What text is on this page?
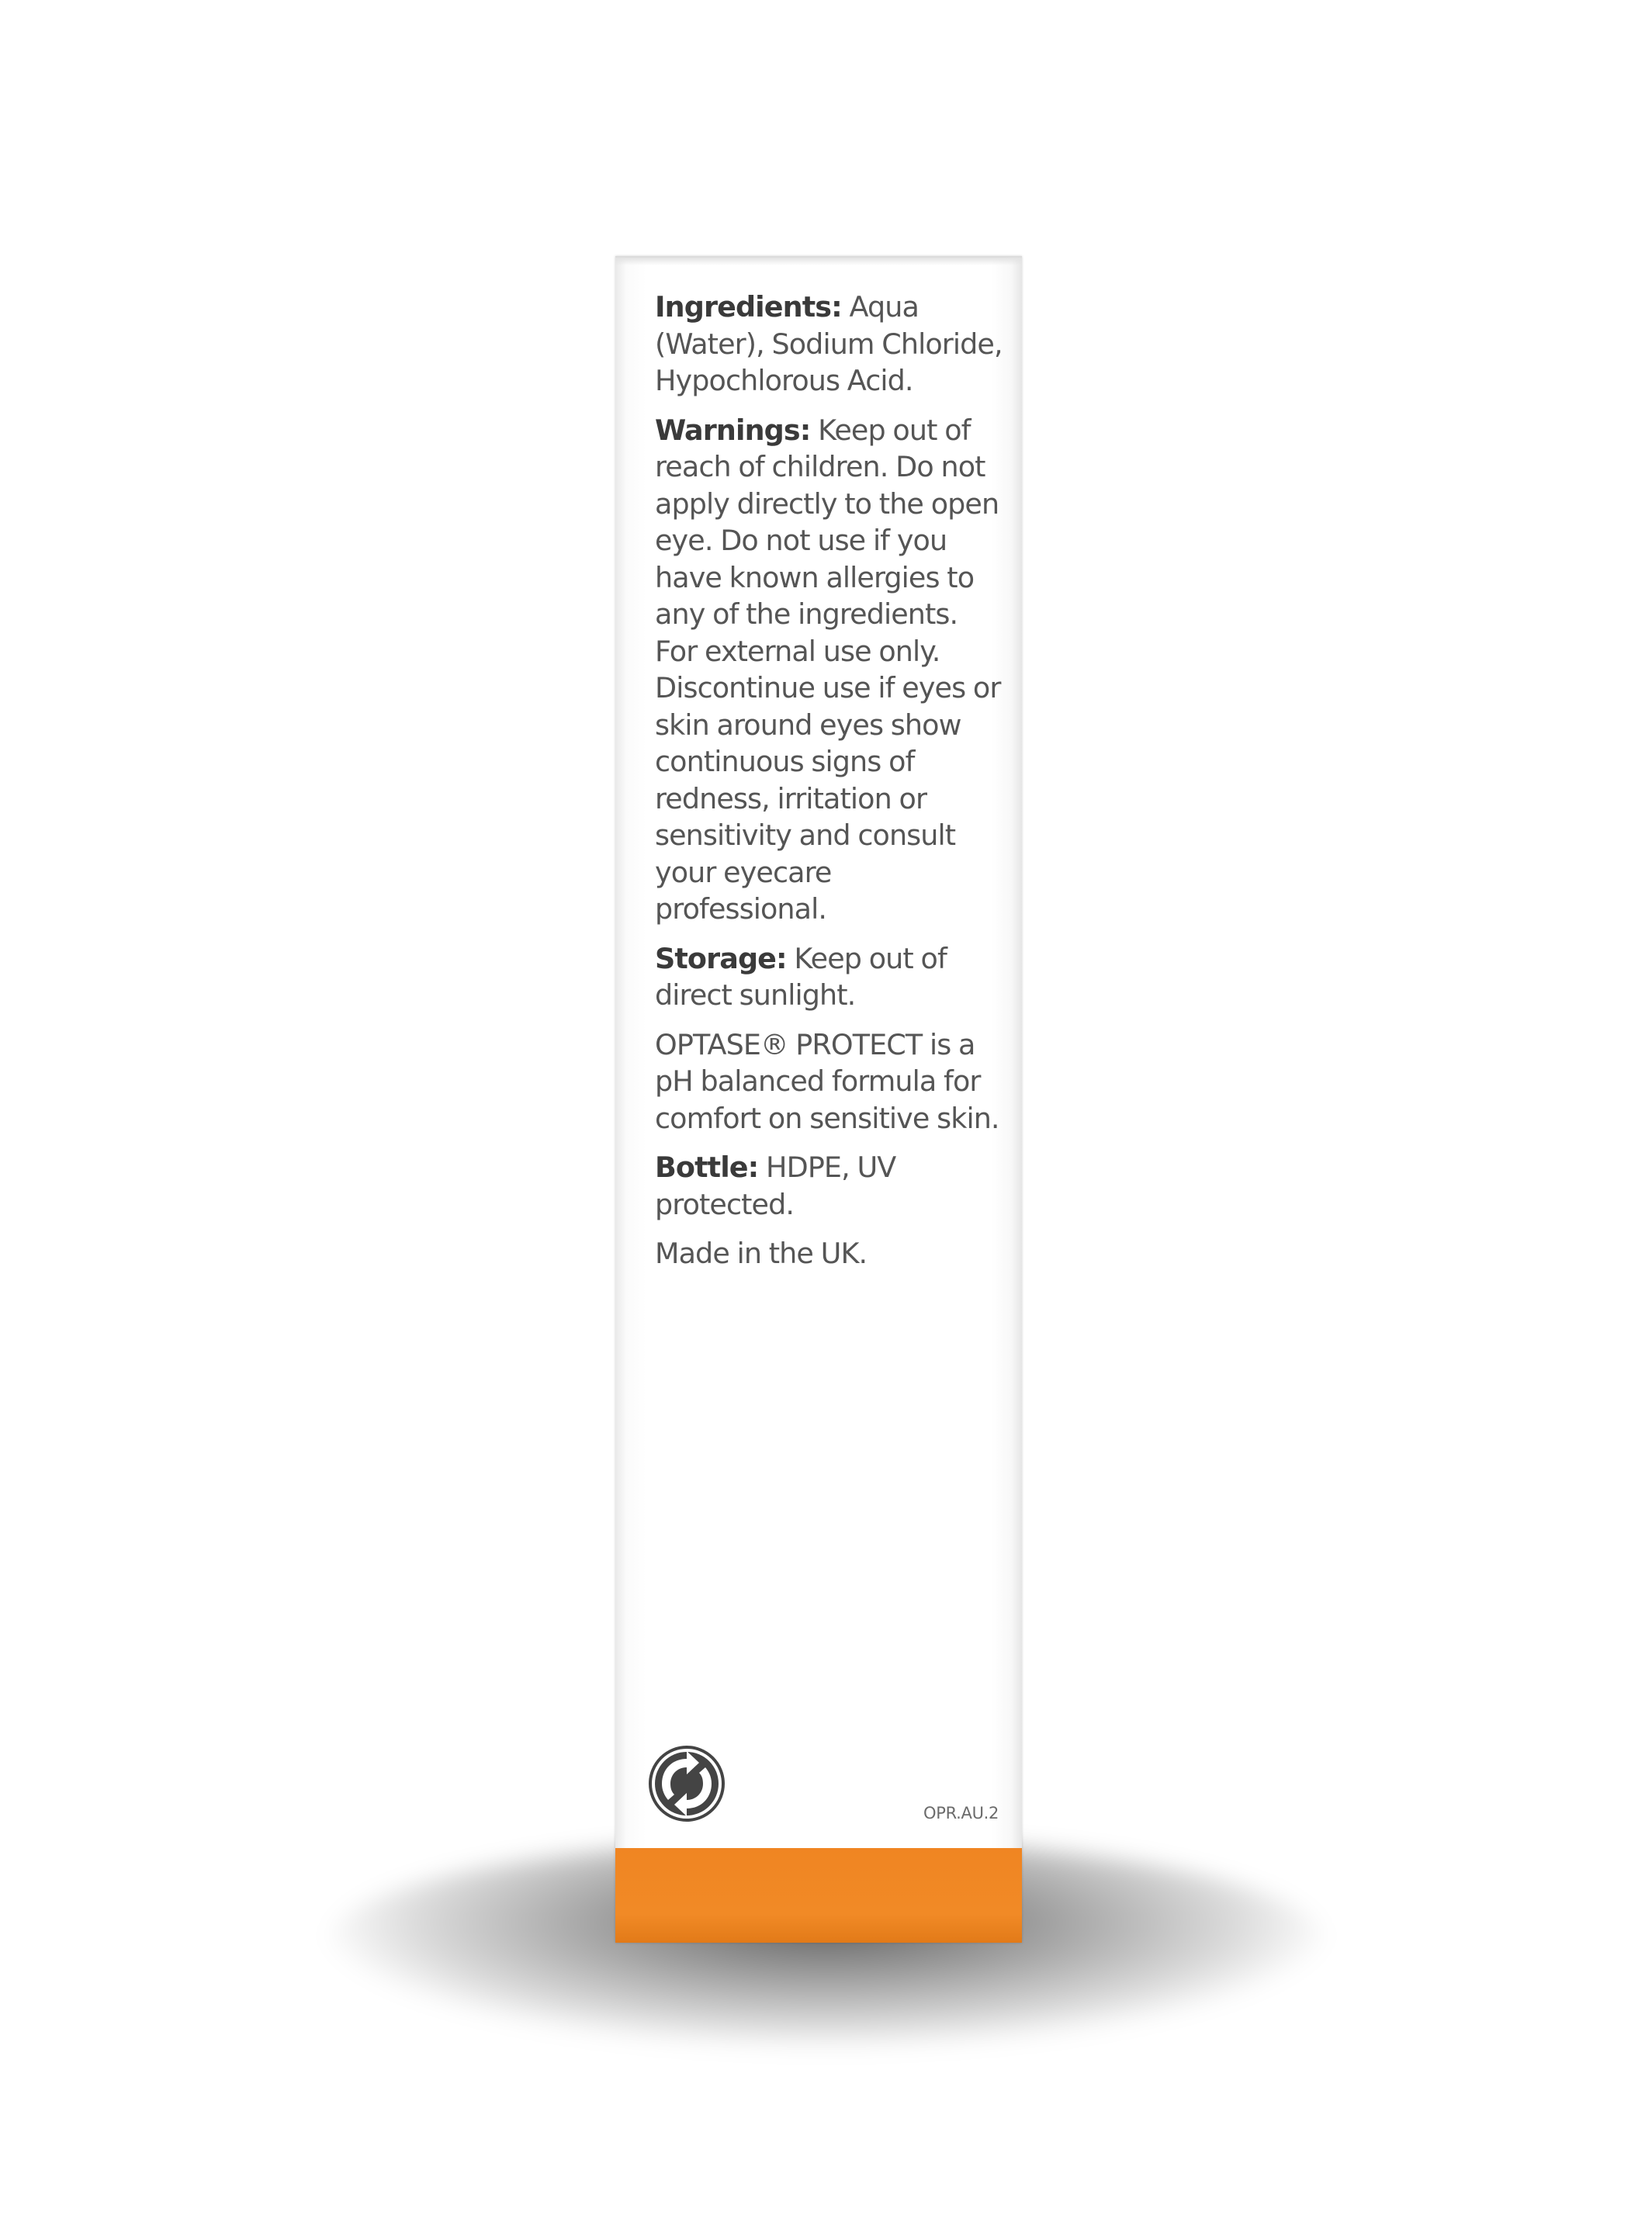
Ingredients: Aqua (Water), Sodium Chloride, Hypochlorous Acid.

Warnings: Keep out of reach of children. Do not apply directly to the open eye. Do not use if you have known allergies to any of the ingredients. For external use only. Discontinue use if eyes or skin around eyes show continuous signs of redness, irritation or sensitivity and consult your eyecare professional.

Storage: Keep out of direct sunlight.

OPTASE® PROTECT is a pH balanced formula for comfort on sensitive skin.

Bottle: HDPE, UV protected.

Made in the UK.

OPR.AU.2
